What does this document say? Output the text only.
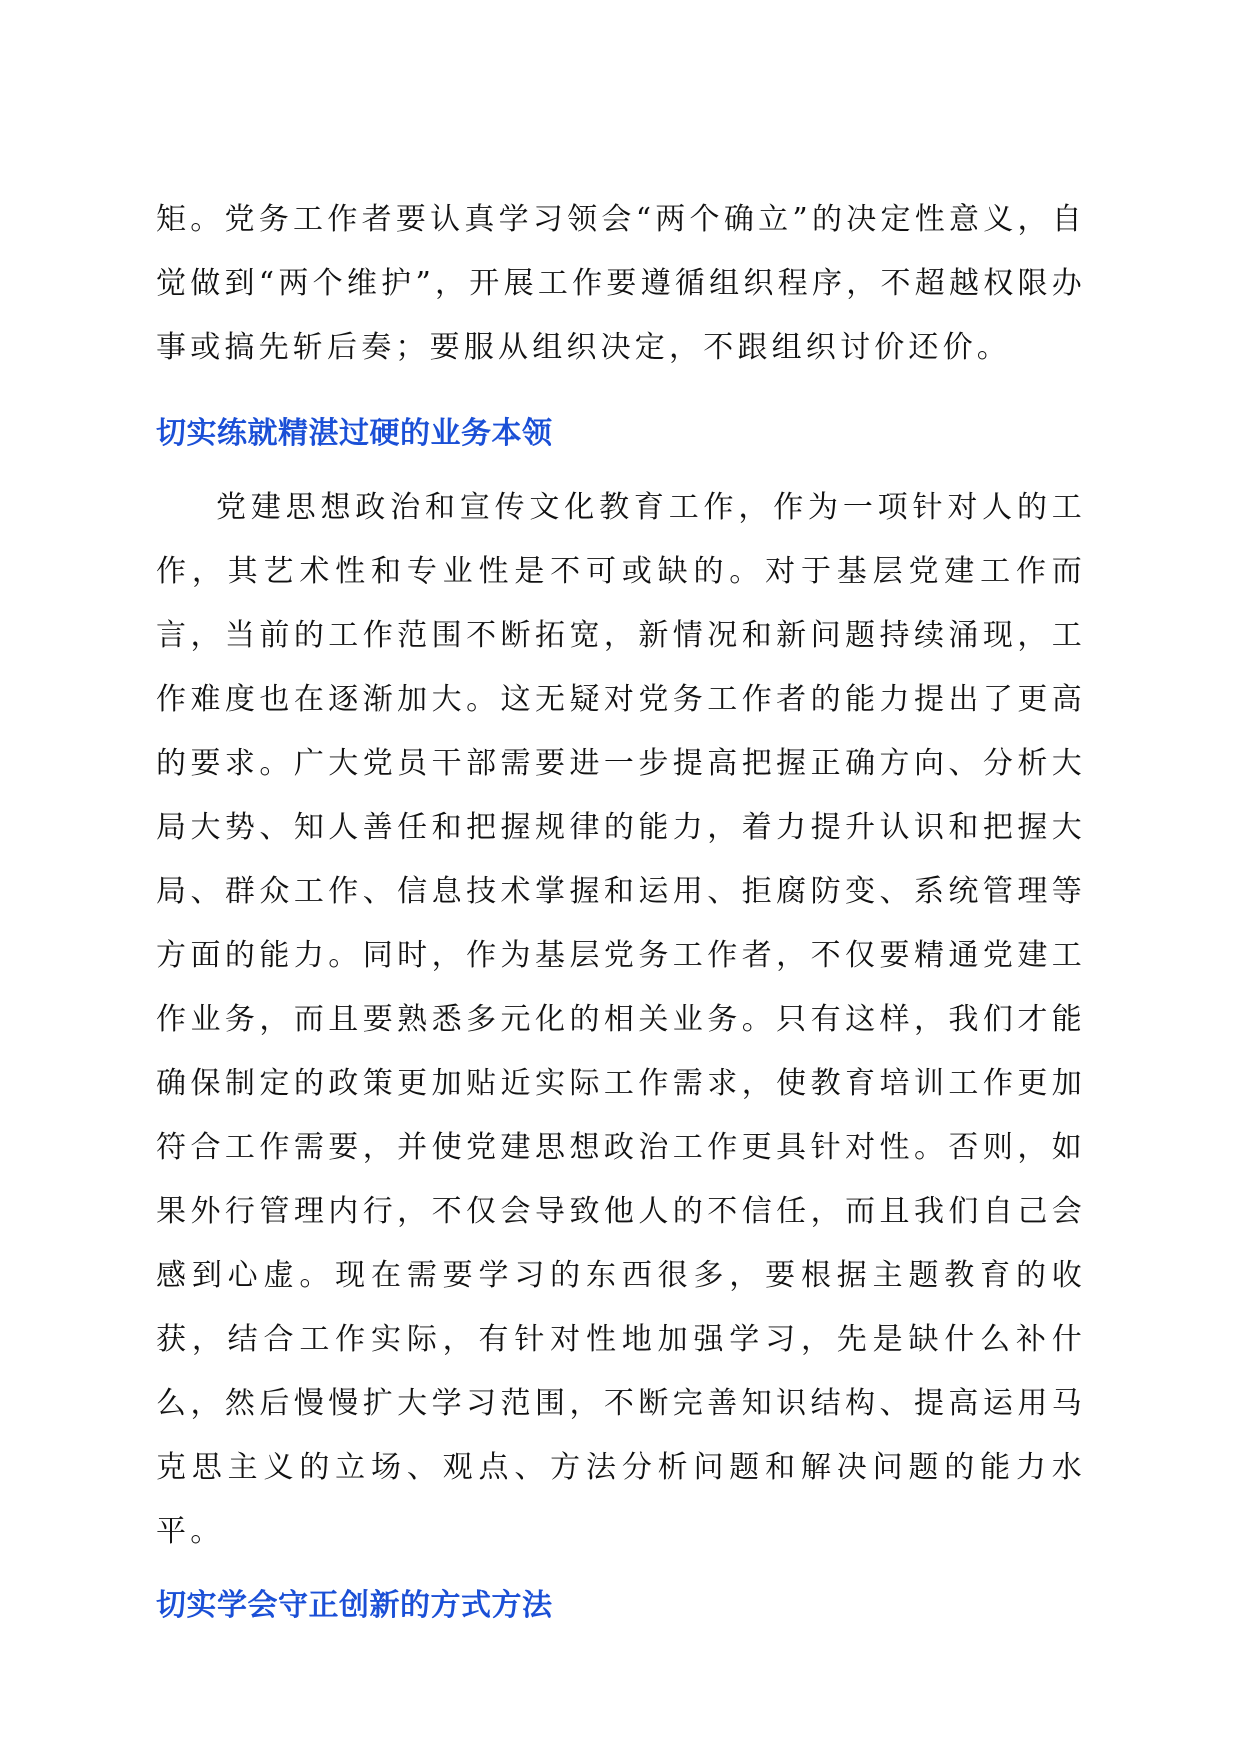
矩。党务工作者要认真学习领会“两个确立”的决定性意义，自觉做到“两个维护”，开展工作要遵循组织程序，不超越权限办事或搞先斩后奏；要服从组织决定，不跟组织讨价还价。

切实练就精湛过硬的业务本领

党建思想政治和宣传文化教育工作，作为一项针对人的工作，其艺术性和专业性是不可或缺的。对于基层党建工作而言，当前的工作范围不断拓宽，新情况和新问题持续涌现，工作难度也在逐渐加大。这无疑对党务工作者的能力提出了更高的要求。广大党员干部需要进一步提高把握正确方向、分析大局大势、知人善任和把握规律的能力，着力提升认识和把握大局、群众工作、信息技术掌握和运用、拒腐防变、系统管理等方面的能力。同时，作为基层党务工作者，不仅要精通党建工作业务，而且要熟悉多元化的相关业务。只有这样，我们才能确保制定的政策更加贴近实际工作需求，使教育培训工作更加符合工作需要，并使党建思想政治工作更具针对性。否则，如果外行管理内行，不仅会导致他人的不信任，而且我们自己会感到心虚。现在需要学习的东西很多，要根据主题教育的收获，结合工作实际，有针对性地加强学习，先是缺什么补什么，然后慢慢扩大学习范围，不断完善知识结构、提高运用马克思主义的立场、观点、方法分析问题和解决问题的能力水平。

切实学会守正创新的方式方法
